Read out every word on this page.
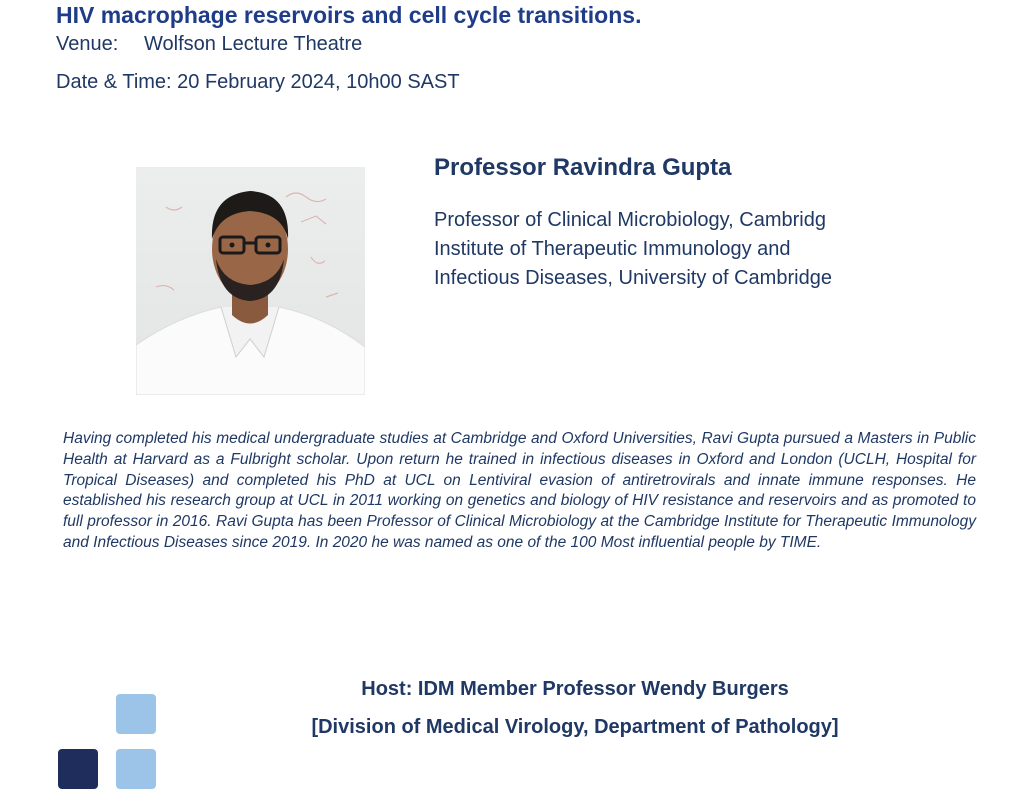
HIV macrophage reservoirs and cell cycle transitions.
Venue: Wolfson Lecture Theatre
Date & Time: 20 February 2024, 10h00 SAST
Professor Ravindra Gupta
Professor of Clinical Microbiology, Cambridg
Institute of Therapeutic Immunology and
Infectious Diseases, University of Cambridge

Having completed his medical undergraduate studies at Cambridge and Oxford Universities, Ravi Gupta pursued a Masters in Public Health at Harvard as a Fulbright scholar. Upon return he trained in infectious diseases in Oxford and London (UCLH, Hospital for Tropical Diseases) and completed his PhD at UCL on Lentiviral evasion of antiretrovirals and innate immune responses. He established his research group at UCL in 2011 working on genetics and biology of HIV resistance and reservoirs and as promoted to full professor in 2016. Ravi Gupta has been Professor of Clinical Microbiology at the Cambridge Institute for Therapeutic Immunology and Infectious Diseases since 2019. In 2020 he was named as one of the 100 Most influential people by TIME.

Host: IDM Member Professor Wendy Burgers
[Division of Medical Virology, Department of Pathology]
